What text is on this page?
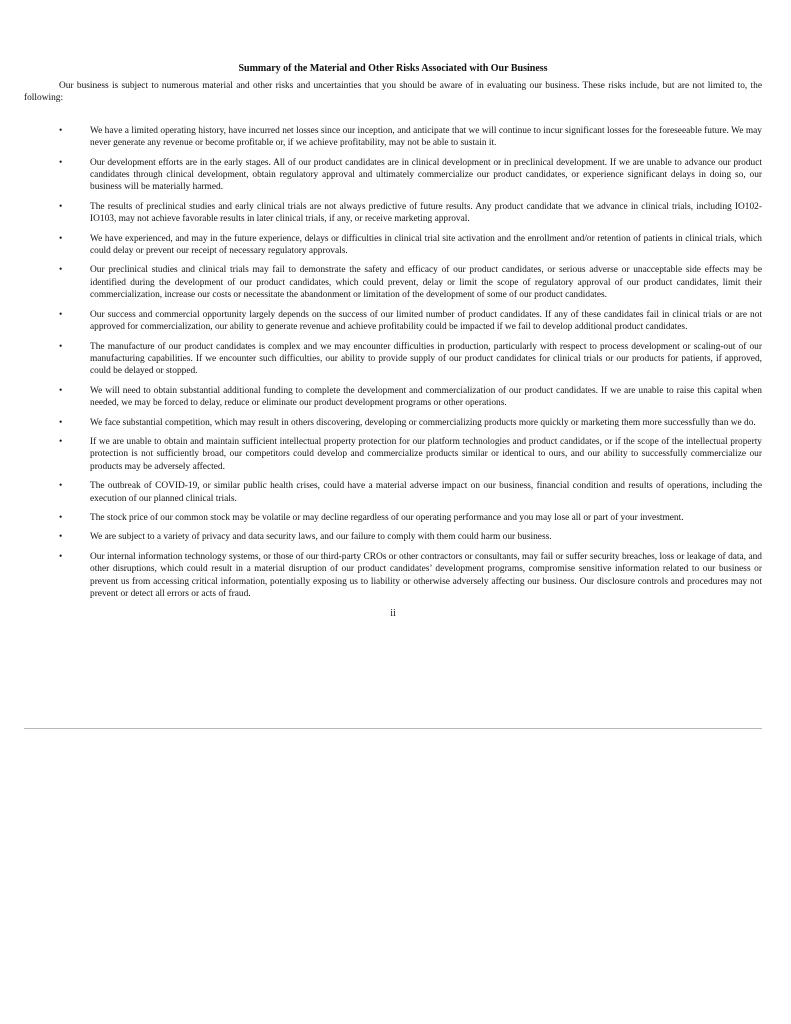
Summary of the Material and Other Risks Associated with Our Business

Our business is subject to numerous material and other risks and uncertainties that you should be aware of in evaluating our business. These risks include, but are not limited to, the following:

•	We have a limited operating history, have incurred net losses since our inception, and anticipate that we will continue to incur significant losses for the foreseeable future. We may never generate any revenue or become profitable or, if we achieve profitability, may not be able to sustain it.
•	Our development efforts are in the early stages. All of our product candidates are in clinical development or in preclinical development. If we are unable to advance our product candidates through clinical development, obtain regulatory approval and ultimately commercialize our product candidates, or experience significant delays in doing so, our business will be materially harmed.
•	The results of preclinical studies and early clinical trials are not always predictive of future results. Any product candidate that we advance in clinical trials, including IO102-IO103, may not achieve favorable results in later clinical trials, if any, or receive marketing approval.
•	We have experienced, and may in the future experience, delays or difficulties in clinical trial site activation and the enrollment and/or retention of patients in clinical trials, which could delay or prevent our receipt of necessary regulatory approvals.
•	Our preclinical studies and clinical trials may fail to demonstrate the safety and efficacy of our product candidates, or serious adverse or unacceptable side effects may be identified during the development of our product candidates, which could prevent, delay or limit the scope of regulatory approval of our product candidates, limit their commercialization, increase our costs or necessitate the abandonment or limitation of the development of some of our product candidates.
•	Our success and commercial opportunity largely depends on the success of our limited number of product candidates. If any of these candidates fail in clinical trials or are not approved for commercialization, our ability to generate revenue and achieve profitability could be impacted if we fail to develop additional product candidates.
•	The manufacture of our product candidates is complex and we may encounter difficulties in production, particularly with respect to process development or scaling-out of our manufacturing capabilities. If we encounter such difficulties, our ability to provide supply of our product candidates for clinical trials or our products for patients, if approved, could be delayed or stopped.
•	We will need to obtain substantial additional funding to complete the development and commercialization of our product candidates. If we are unable to raise this capital when needed, we may be forced to delay, reduce or eliminate our product development programs or other operations.
•	We face substantial competition, which may result in others discovering, developing or commercializing products more quickly or marketing them more successfully than we do.
•	If we are unable to obtain and maintain sufficient intellectual property protection for our platform technologies and product candidates, or if the scope of the intellectual property protection is not sufficiently broad, our competitors could develop and commercialize products similar or identical to ours, and our ability to successfully commercialize our products may be adversely affected.
•	The outbreak of COVID-19, or similar public health crises, could have a material adverse impact on our business, financial condition and results of operations, including the execution of our planned clinical trials.
•	The stock price of our common stock may be volatile or may decline regardless of our operating performance and you may lose all or part of your investment.
•	We are subject to a variety of privacy and data security laws, and our failure to comply with them could harm our business.
•	Our internal information technology systems, or those of our third-party CROs or other contractors or consultants, may fail or suffer security breaches, loss or leakage of data, and other disruptions, which could result in a material disruption of our product candidates’ development programs, compromise sensitive information related to our business or prevent us from accessing critical information, potentially exposing us to liability or otherwise adversely affecting our business. Our disclosure controls and procedures may not prevent or detect all errors or acts of fraud.
ii
